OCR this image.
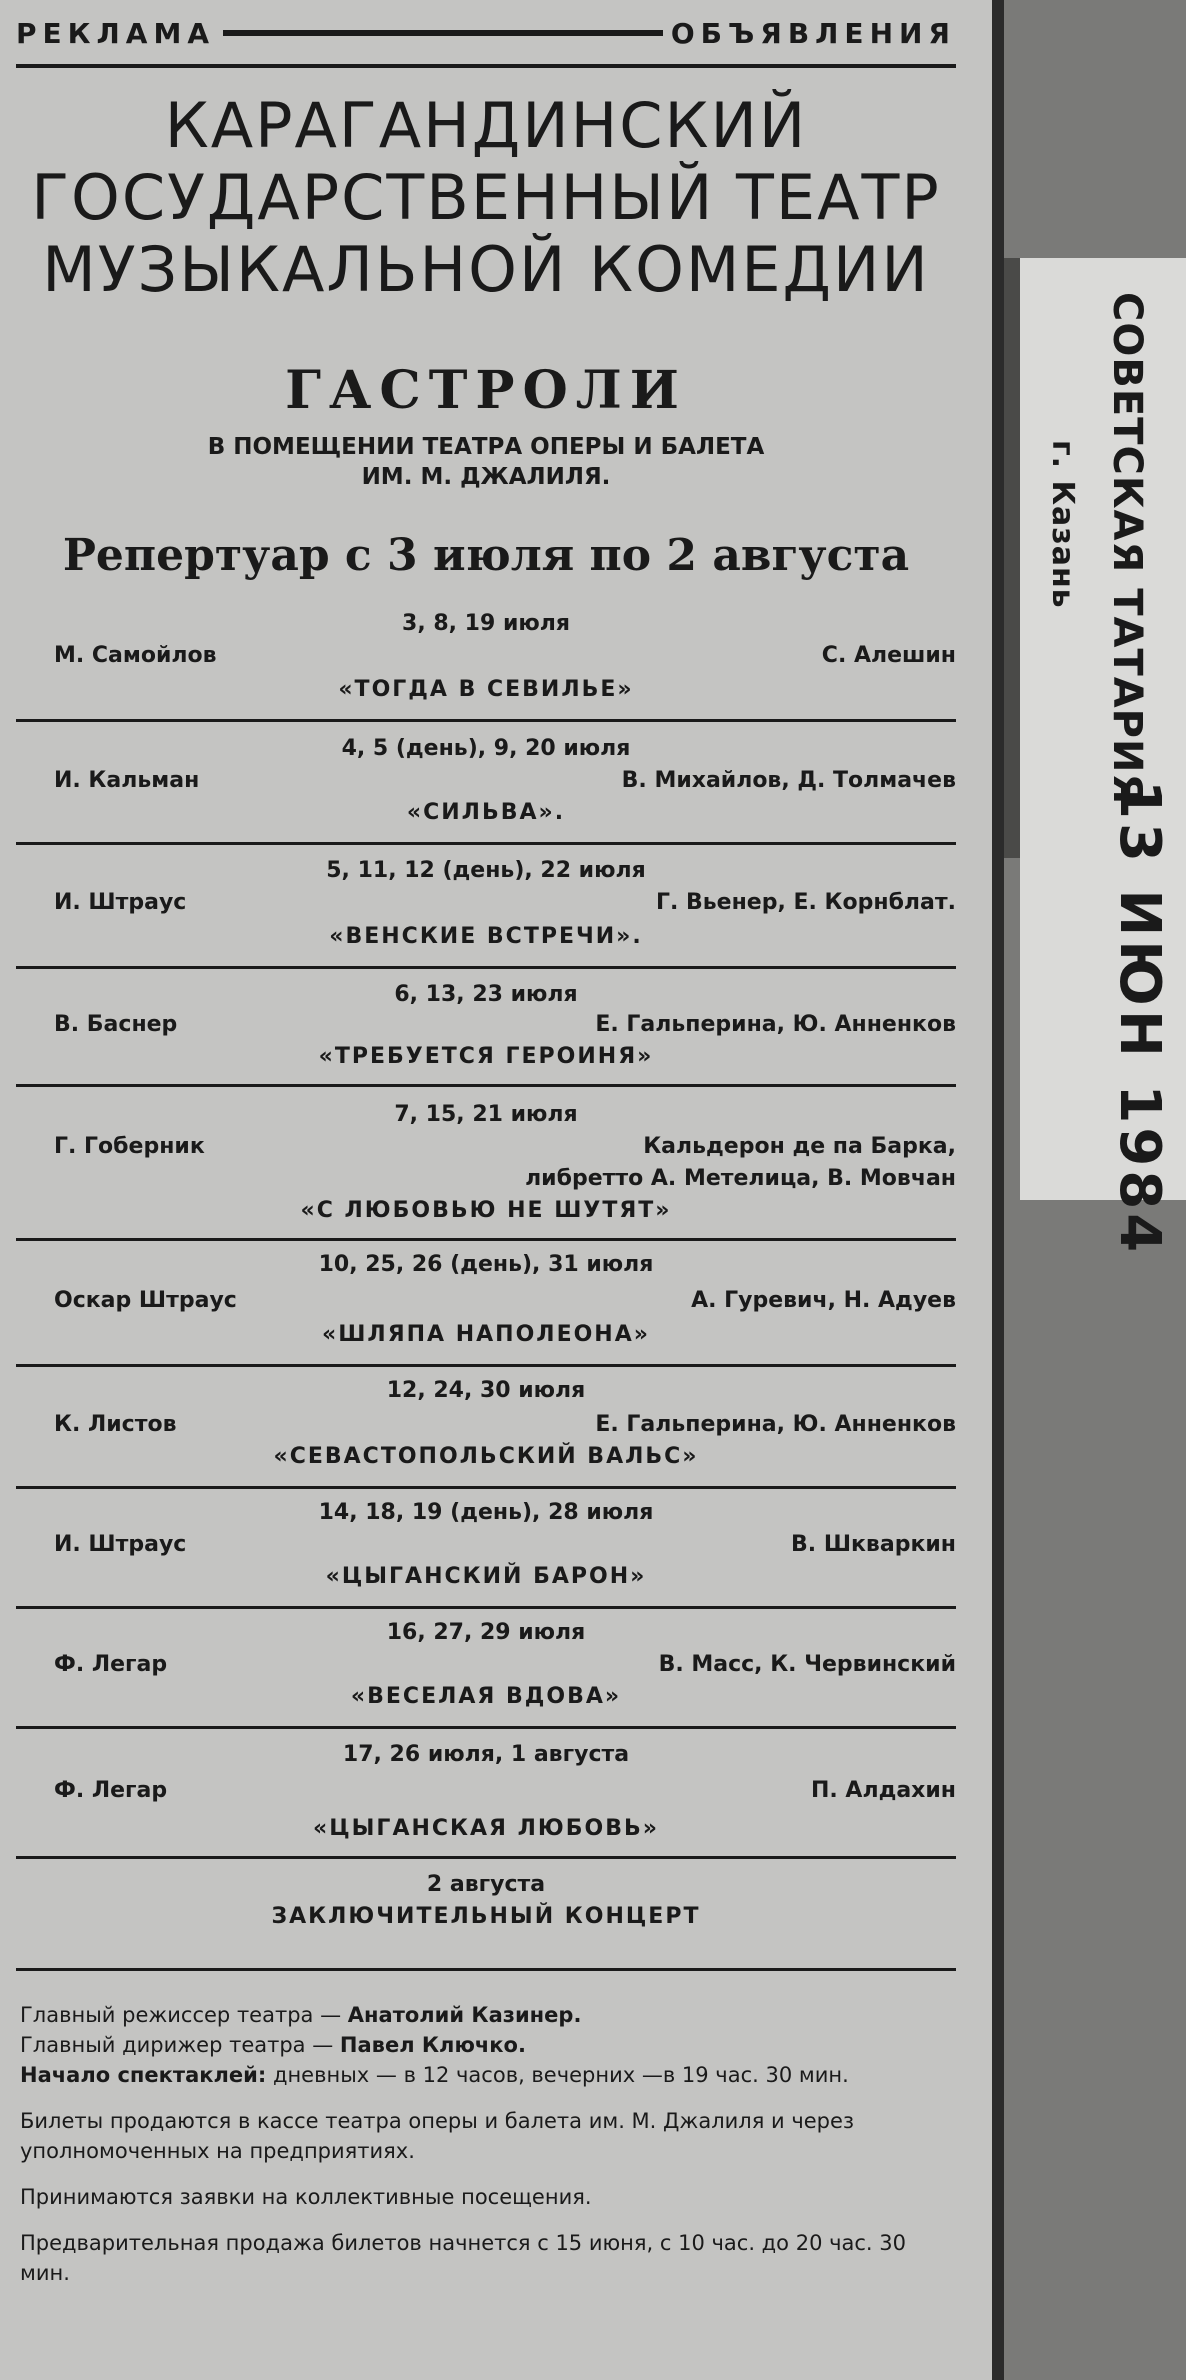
РЕКЛАМА	ОБЪЯВЛЕНИЯ
КАРАГАНДИНСКИЙ
ГОСУДАРСТВЕННЫЙ ТЕАТР
МУЗЫКАЛЬНОЙ КОМЕДИИ
ГАСТРОЛИ
В ПОМЕЩЕНИИ ТЕАТРА ОПЕРЫ И БАЛЕТА
ИМ. М. ДЖАЛИЛЯ.
Репертуар с 3 июля по 2 августа
3, 8, 19 июля
М. Самойлов	С. Алешин
«ТОГДА В СЕВИЛЬЕ»
4, 5 (день), 9, 20 июля
И. Кальман	В. Михайлов, Д. Толмачев
«СИЛЬВА».
5, 11, 12 (день), 22 июля
И. Штраус	Г. Вьенер, Е. Корнблат.
«ВЕНСКИЕ ВСТРЕЧИ».
6, 13, 23 июля
В. Баснер	Е. Гальперина, Ю. Анненков
«ТРЕБУЕТСЯ ГЕРОИНЯ»
7, 15, 21 июля
Г. Гоберник	Кальдерон де па Барка,
либретто А. Метелица, В. Мовчан
«С ЛЮБОВЬЮ НЕ ШУТЯТ»
10, 25, 26 (день), 31 июля
Оскар Штраус	А. Гуревич, Н. Адуев
«ШЛЯПА НАПОЛЕОНА»
12, 24, 30 июля
К. Листов	Е. Гальперина, Ю. Анненков
«СЕВАСТОПОЛЬСКИЙ ВАЛЬС»
14, 18, 19 (день), 28 июля
И. Штраус	В. Шкваркин
«ЦЫГАНСКИЙ БАРОН»
16, 27, 29 июля
Ф. Легар	В. Масс, К. Червинский
«ВЕСЕЛАЯ ВДОВА»
17, 26 июля, 1 августа
Ф. Легар	П. Алдахин
«ЦЫГАНСКАЯ ЛЮБОВЬ»
2 августа
ЗАКЛЮЧИТЕЛЬНЫЙ КОНЦЕРТ

Главный режиссер театра — Анатолий Казинер.

Главный дирижер театра — Павел Ключко.

Начало спектаклей: дневных — в 12 часов, вечерних —в 19 час. 30 мин.

Билеты продаются в кассе театра оперы и балета им. М. Джалиля и через уполномоченных на предприятиях.

Принимаются заявки на коллективные посещения.

Предварительная продажа билетов начнется с 15 июня, с 10 час. до 20 час. 30 мин.

СОВЕТСКАЯ ТАТАРИЯ
г. Казань
13 ИЮН 1984
